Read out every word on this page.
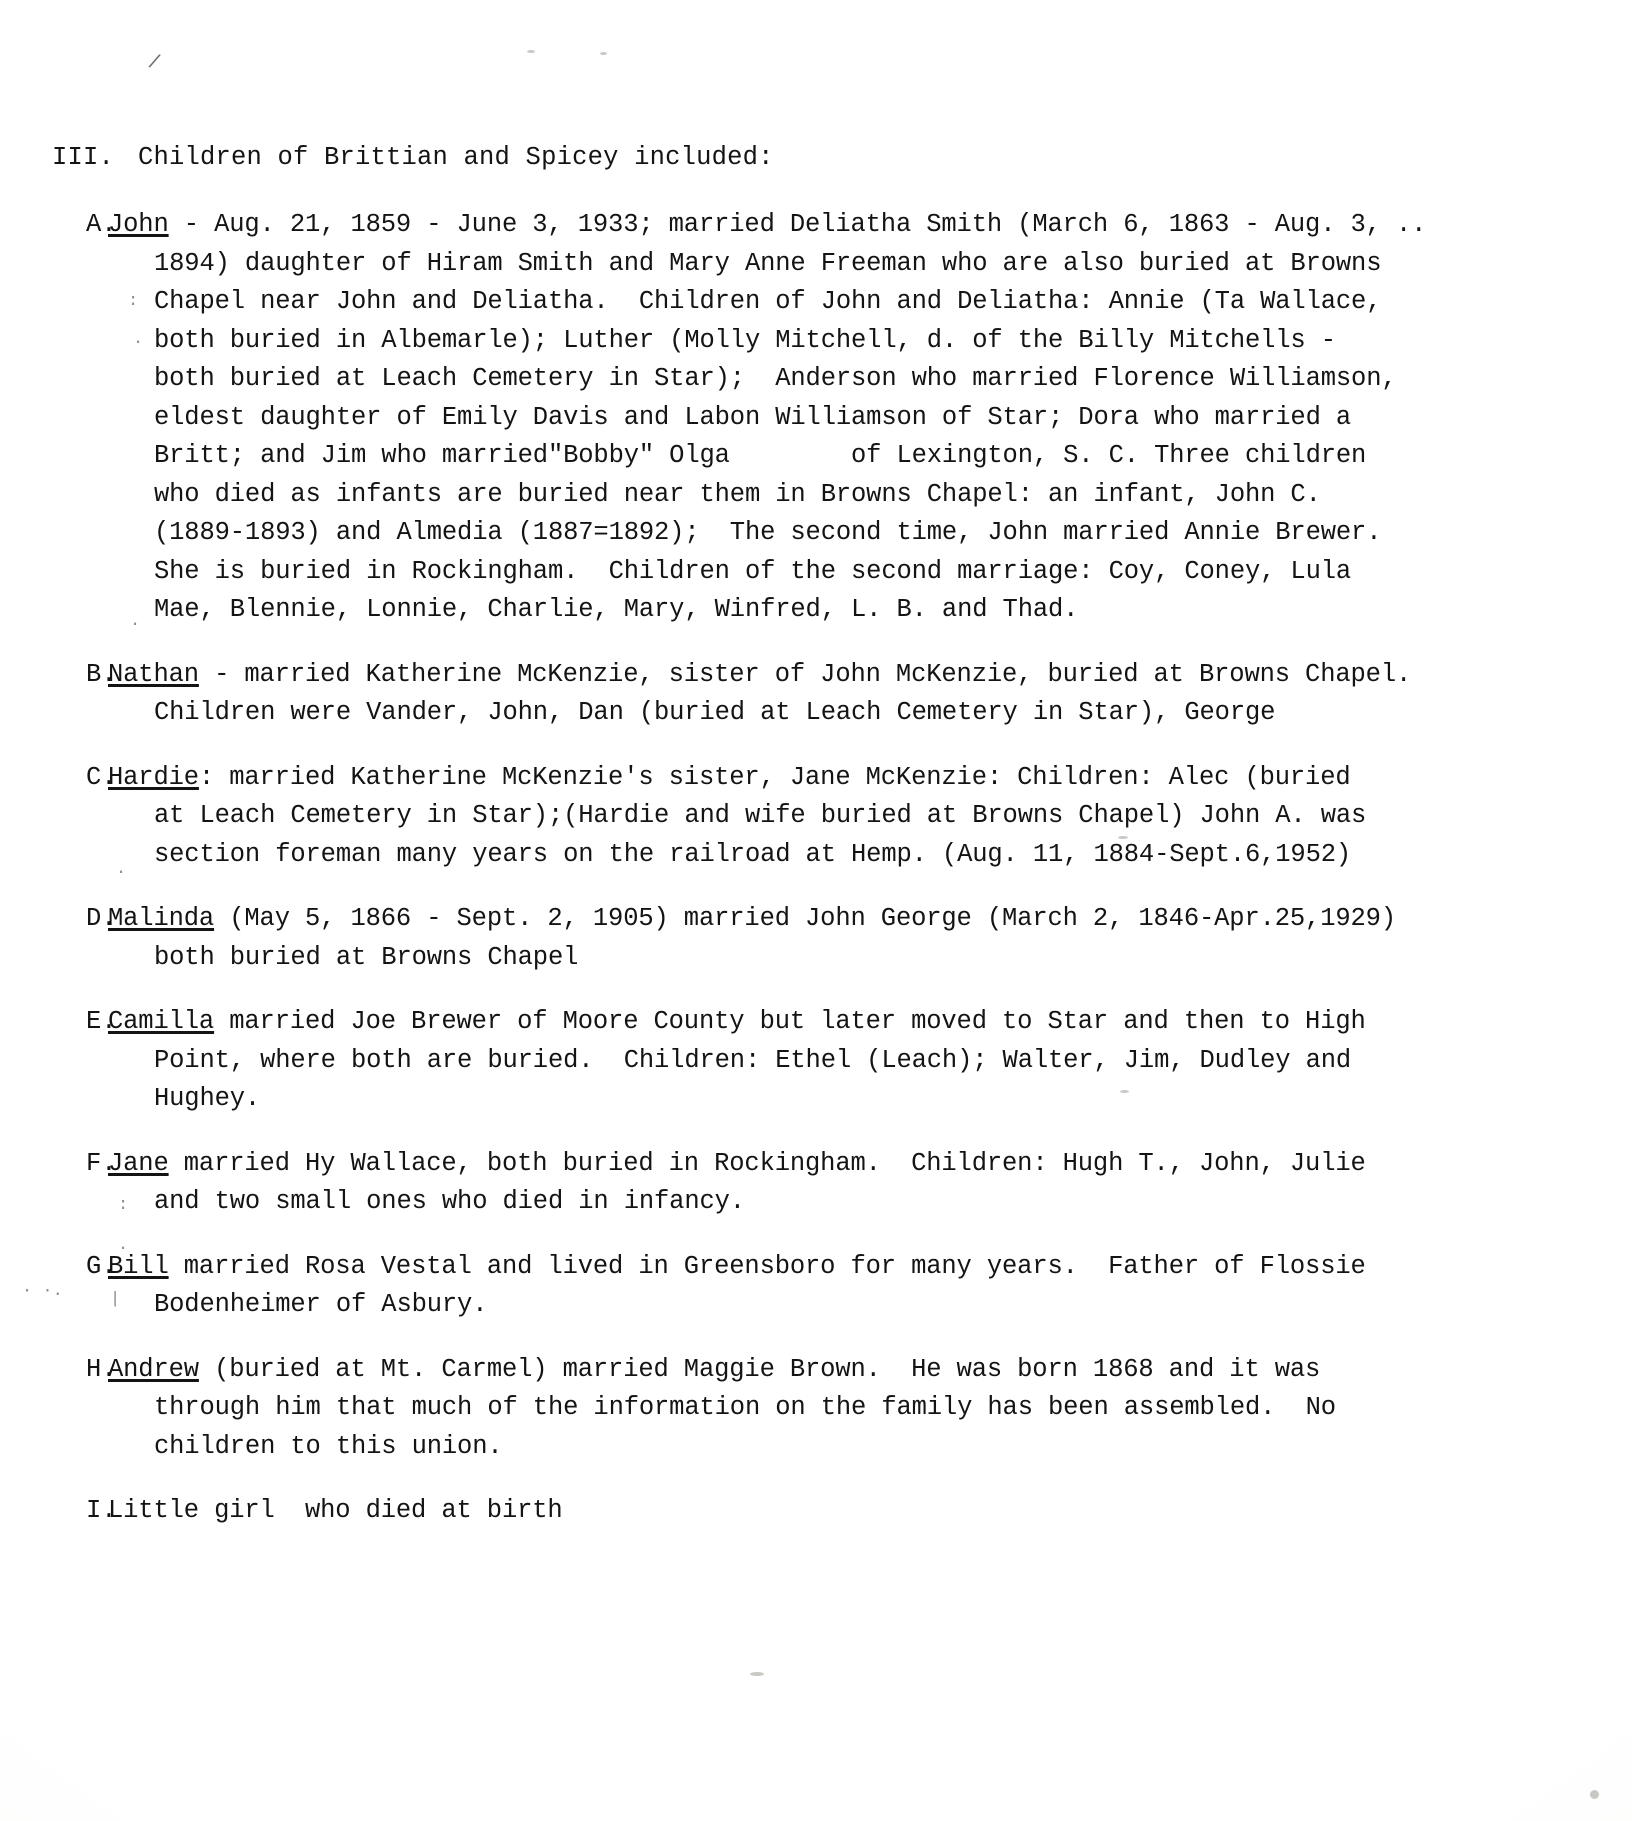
/
:
.
.
.
:
.
|
· ·.
III. Children of Brittian and Spicey included:
A.
John - Aug. 21, 1859 - June 3, 1933; married Deliatha Smith (March 6, 1863 - Aug. 3, ..
1894) daughter of Hiram Smith and Mary Anne Freeman who are also buried at Browns
Chapel near John and Deliatha.  Children of John and Deliatha: Annie (Ta Wallace,
both buried in Albemarle); Luther (Molly Mitchell, d. of the Billy Mitchells -
both buried at Leach Cemetery in Star);  Anderson who married Florence Williamson,
eldest daughter of Emily Davis and Labon Williamson of Star; Dora who married a
Britt; and Jim who married"Bobby" Olga        of Lexington, S. C. Three children
who died as infants are buried near them in Browns Chapel: an infant, John C.
(1889-1893) and Almedia (1887=1892);  The second time, John married Annie Brewer.
She is buried in Rockingham.  Children of the second marriage: Coy, Coney, Lula
Mae, Blennie, Lonnie, Charlie, Mary, Winfred, L. B. and Thad.
B.
Nathan - married Katherine McKenzie, sister of John McKenzie, buried at Browns Chapel.
Children were Vander, John, Dan (buried at Leach Cemetery in Star), George
C.
Hardie: married Katherine McKenzie's sister, Jane McKenzie: Children: Alec (buried
at Leach Cemetery in Star);(Hardie and wife buried at Browns Chapel) John A. was
section foreman many years on the railroad at Hemp. (Aug. 11, 1884-Sept.6,1952)
D.
Malinda (May 5, 1866 - Sept. 2, 1905) married John George (March 2, 1846-Apr.25,1929)
both buried at Browns Chapel
E.
Camilla married Joe Brewer of Moore County but later moved to Star and then to High
Point, where both are buried.  Children: Ethel (Leach); Walter, Jim, Dudley and
Hughey.
F.
Jane married Hy Wallace, both buried in Rockingham.  Children: Hugh T., John, Julie
and two small ones who died in infancy.
G.
Bill married Rosa Vestal and lived in Greensboro for many years.  Father of Flossie
Bodenheimer of Asbury.
H.
Andrew (buried at Mt. Carmel) married Maggie Brown.  He was born 1868 and it was
through him that much of the information on the family has been assembled.  No
children to this union.
I.
Little girl  who died at birth
